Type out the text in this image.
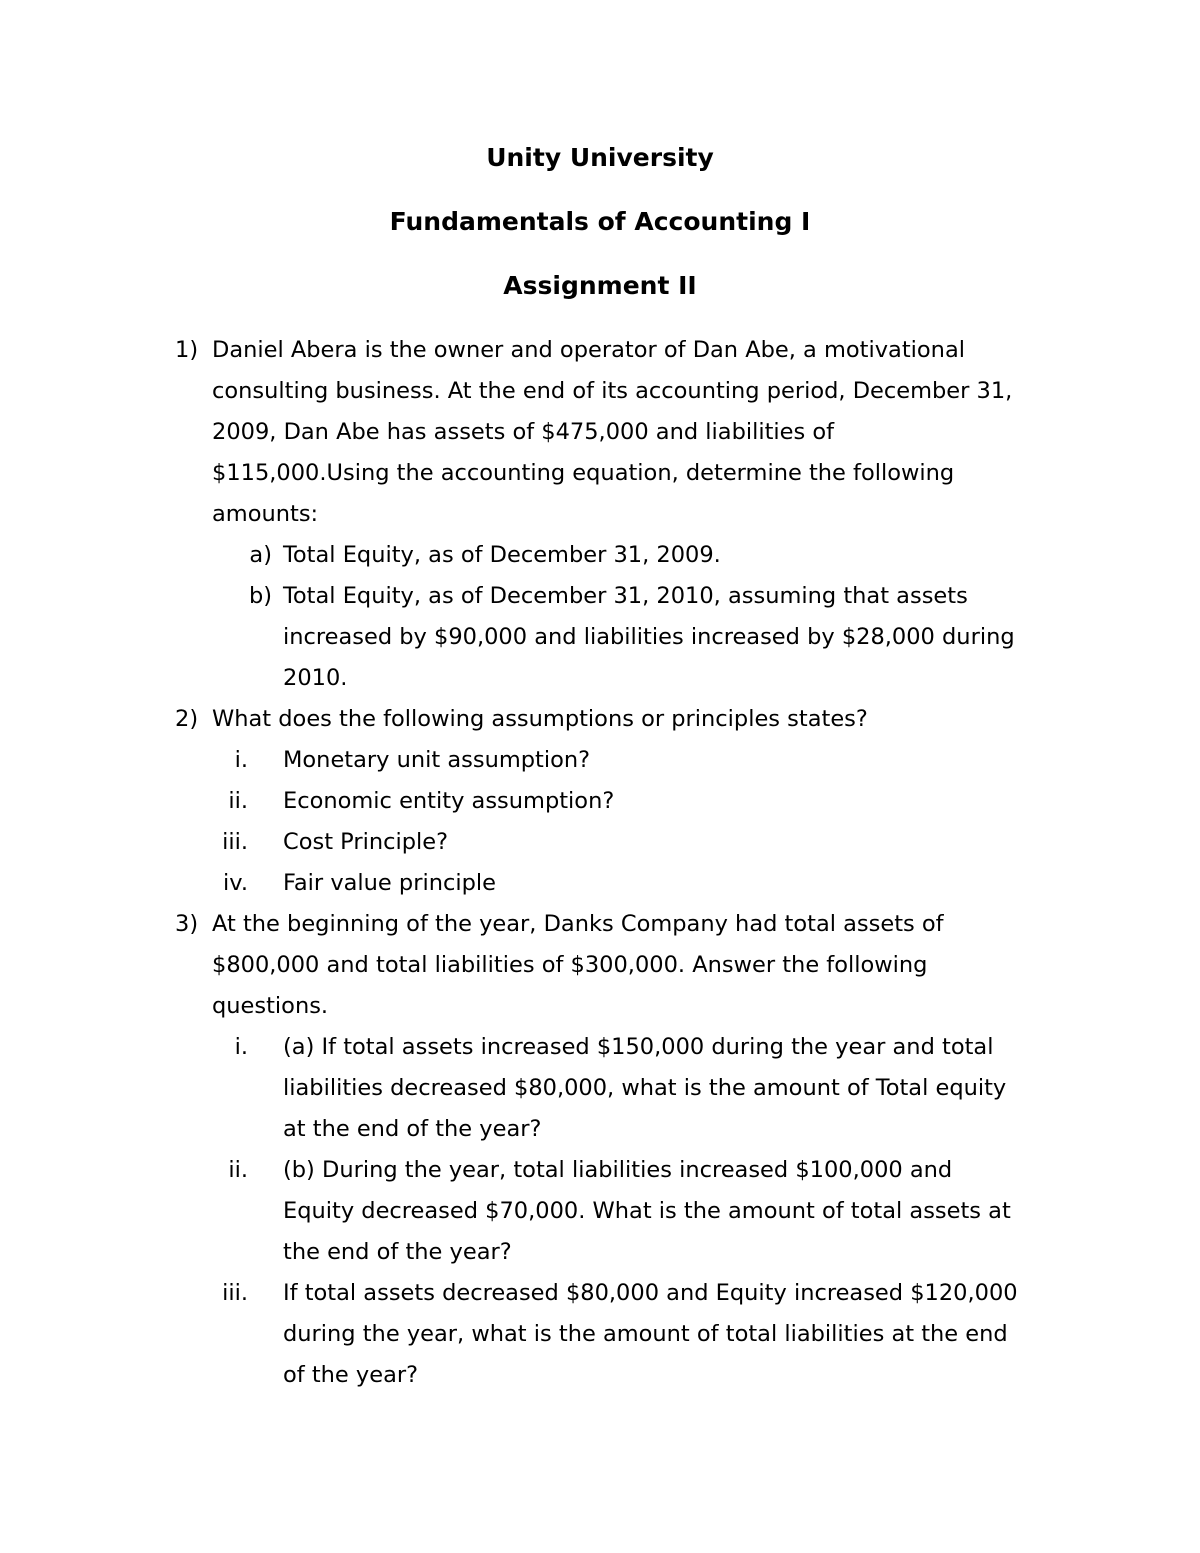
Unity University
Fundamentals of Accounting I
Assignment II
1) Daniel Abera is the owner and operator of Dan Abe, a motivational
consulting business. At the end of its accounting period, December 31,
2009, Dan Abe has assets of $475,000 and liabilities of
$115,000.Using the accounting equation, determine the following
amounts:
a) Total Equity, as of December 31, 2009.
b) Total Equity, as of December 31, 2010, assuming that assets
increased by $90,000 and liabilities increased by $28,000 during
2010.
2) What does the following assumptions or principles states?
i. Monetary unit assumption?
ii. Economic entity assumption?
iii. Cost Principle?
iv. Fair value principle
3) At the beginning of the year, Danks Company had total assets of
$800,000 and total liabilities of $300,000. Answer the following
questions.
i. (a) If total assets increased $150,000 during the year and total
liabilities decreased $80,000, what is the amount of Total equity
at the end of the year?
ii. (b) During the year, total liabilities increased $100,000 and
Equity decreased $70,000. What is the amount of total assets at
the end of the year?
iii. If total assets decreased $80,000 and Equity increased $120,000
during the year, what is the amount of total liabilities at the end
of the year?
